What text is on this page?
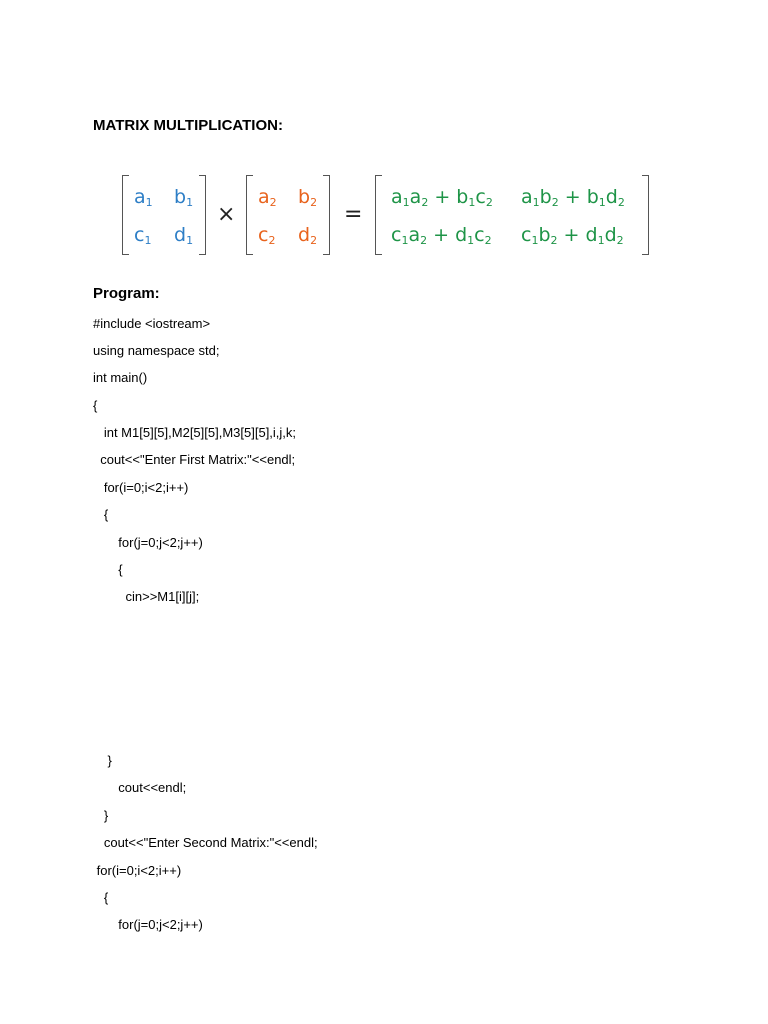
MATRIX MULTIPLICATION:
$a_1$ $b_1$
$c_1$ $d_1$
×
$a_2$ $b_2$
$c_2$ $d_2$
=
$a_1a_2 + b_1c_2$ $a_1b_2 + b_1d_2$
$c_1a_2 + d_1c_2$ $c_1b_2 + d_1d_2$
Program:
#include <iostream>
using namespace std;
int main()
{
int M1[5][5],M2[5][5],M3[5][5],i,j,k;
cout<<"Enter First Matrix:"<<endl;
for(i=0;i<2;i++)
{
for(j=0;j<2;j++)
{
cin>>M1[i][j];
}
cout<<endl;
}
cout<<"Enter Second Matrix:"<<endl;
for(i=0;i<2;i++)
{
for(j=0;j<2;j++)
